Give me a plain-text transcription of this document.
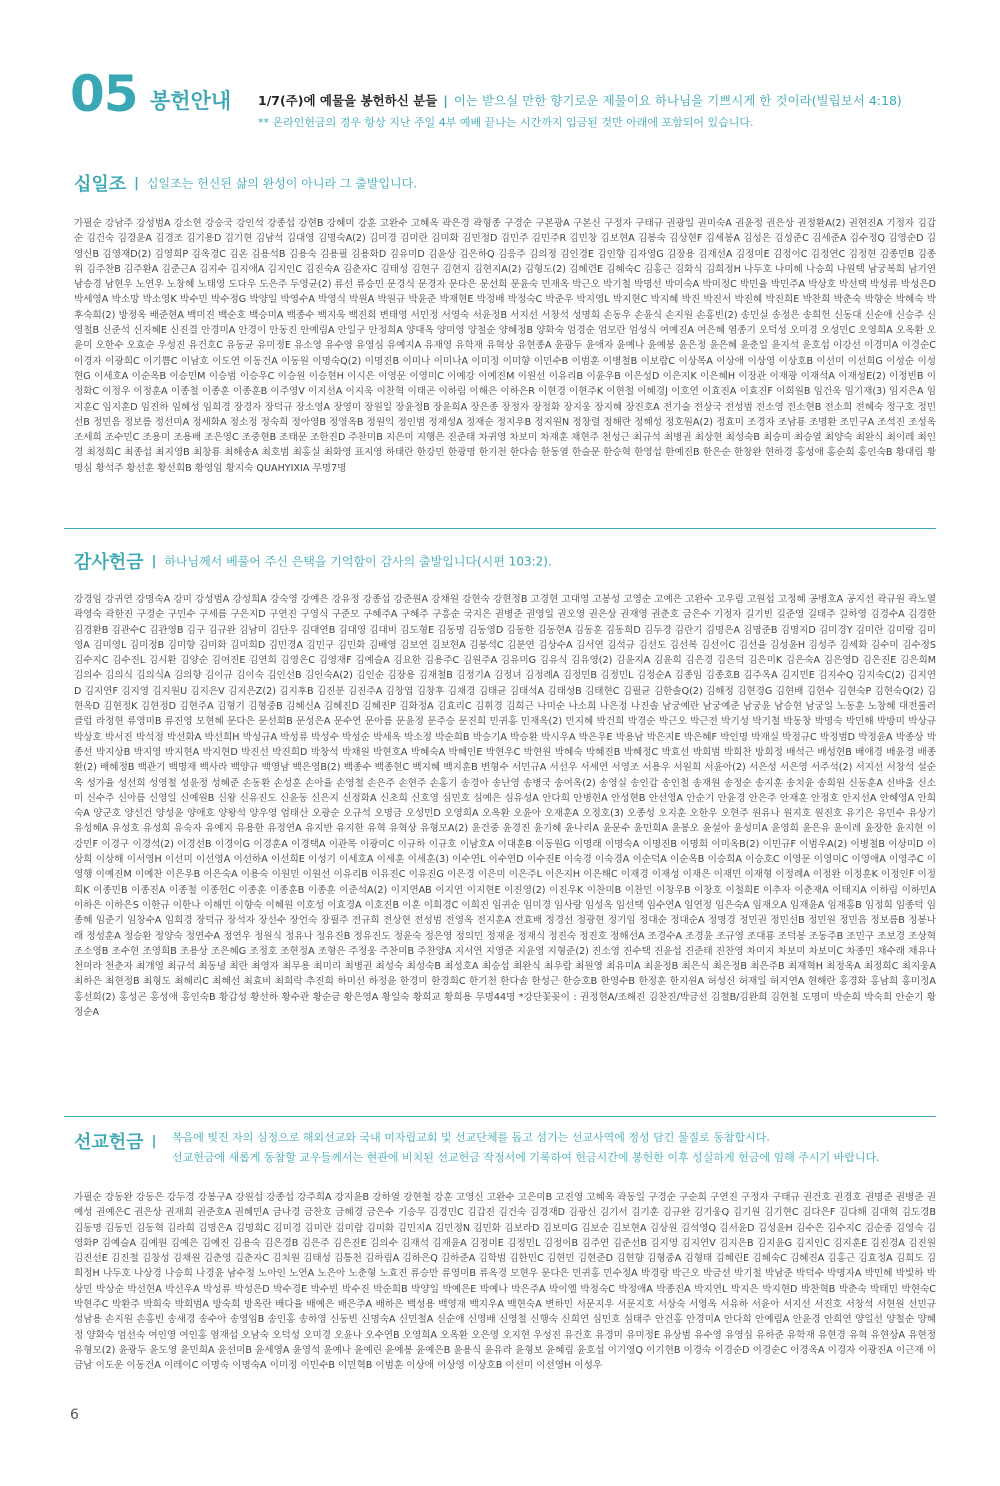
05 봉헌안내 1/7(주)에 예물을 봉헌하신 분들 | 이는 받으실 만한 향기로운 제물이요 하나님을 기쁘시게 한 것이라(빌립보서 4:18)
** 온라인헌금의 경우 항상 지난 주일 4부 예배 끝나는 시간까지 입금된 것만 아래에 포함되어 있습니다.
십일조 | 십일조는 헌신된 삶의 완성이 아니라 그 출발입니다.
가필순 강남주 강성범A 강소현 강승국 강인석 강종섭 강현B 강혜미 강훈 고완수 고혜옥 곽은경 곽형종 구경순 구본광A 구본신 구정자 구태규 권광일 권미숙A 권윤정 권은상 권정환A(2) 권현진A 기정자 김갑순 김건숙 김경윤A 김경조 김기용D 김기현 김남석 김대영 김명숙A(2) 김미경 김미란 김미화 김민정D 김민주 김민주R 김민창 김보현A 김봉숙 김상현F 김세봉A 김성은 김성준C 김세준A 김수정Q 김영순D 김영신B 김영재D(2) 김영희P 김옥경C 김온 김용석B 김용숙 김용필 김용화D 김유미D 김윤상 김은하Q 김응주 김의정 김인경E 김인향 김자영G 김장용 김재선A 김정미E 김정이C 김정연C 김정현 김종민B 김종위 김주찬B 김주환A 김준근A 김지수 김지애A 김지인C 김진숙A 김춘자C 김태성 김현구 김현지 김현지A(2) 김형도(2) 김혜련E 김혜숙C 김홍근 김화식 김희정H 나두호 나미혜 나승희 나원택 남궁복희 남기연 남승경 남현우 노연우 노창혜 노태영 도다우 도은주 두영균(2) 류선 류승민 문경식 문경자 문다은 문선희 문윤숙 민재옥 박근오 박기철 박명선 박미숙A 박미정C 박민율 박민주A 박상호 박선택 박성류 박성은D 박세영A 박소망 박소영K 박수민 박수정G 박양일 박영수A 박영식 박원A 박원규 박윤준 박재현E 박정배 박정숙C 박준우 박지영L 박지현C 박지혜 박진 박진서 박진혜 박진희E 박찬희 박춘숙 박향순 박혜숙 박후숙희(2) 방정옥 배준현A 백미진 백순호 백승미A 백종수 백지욱 백진희 변태영 서민정 서영숙 서윤정B 서지선 서창석 성명희 손동우 손윤식 손지원 손홍빈(2) 송민실 송정은 송희헌 신동대 신순애 신승주 신영철B 신준석 신지혜E 신진결 안경미A 안경이 안동진 안예림A 안일구 안정희A 양대옥 양미영 양철순 양혜정B 양화숙 엄경순 엄모란 엄성식 여예진A 여은혜 염종기 오덕성 오미경 오성민C 오영희A 오옥환 오윤미 오한수 오효순 우성진 유건호C 유동균 유미정E 유소영 유수영 유영심 유예지A 유재영 유학재 유혁상 유현종A 윤광두 윤애자 윤예나 윤예봉 윤은정 윤은혜 윤춘일 윤지석 윤호섭 이강선 이경미A 이경순C 이경자 이광희C 이기쁨C 이남호 이도연 이동건A 이동원 이명숙Q(2) 이명진B 이미나 이미나A 이미정 이미향 이민수B 이범훈 이병철B 이보람C 이상목A 이상애 이상영 이상호B 이선미 이선희G 이성순 이성현G 이세호A 이순옥B 이승민M 이승범 이승우C 이승원 이승현H 이시은 이영문 이영미C 이예강 이예진M 이원선 이유리B 이윤우B 이은성D 이은지K 이은혜H 이장관 이재광 이재석A 이재성E(2) 이정빈B 이정화C 이정우 이정훈A 이종철 이종훈 이종훈B 이주영V 이지선A 이지욱 이찬혁 이태곤 이하림 이해은 이하은R 이현경 이현주K 이현철 이혜경J 이호연 이효진A 이효진F 이희원B 임건욱 임기재(3) 임지은A 임지훈C 임지훈D 임진하 임혜성 임희경 장경자 장덕규 장소영A 장영미 장원일 장윤정B 장윤희A 장은종 장정자 장정화 장지웅 장지혜 장진호A 전기술 전상국 전성범 전소영 전소현B 전소희 전혜숙 정구호 정민선B 정민음 정보름 정선미A 정세화A 정소정 정숙희 정아영B 정영옥B 정원익 정인범 정재성A 정재순 정지우B 정지원N 정창렬 정해란 정혜성 정호원A(2) 정효미 조경자 조남룡 조명환 조민구A 조석진 조성옥 조세희 조수민C 조용미 조용배 조은영C 조중현B 조태문 조한진D 주찬미B 지은미 지행은 진준태 차귀영 차보미 차재훈 채현주 천성근 최규석 최병권 최상현 최성숙B 최승미 최승열 최양숙 최완식 최이레 최인경 최정희C 최종섭 최지영B 최창룡 최해송A 최호범 최홍실 최화영 표지영 하태란 한강민 한광명 한기천 한다솜 한동열 한슬문 한승혁 한영섭 한예진B 한은순 한창완 현하경 홍성애 홍순희 홍인숙B 황대림 황명심 황석주 황선훈 황선희B 황영임 황지숙 QUAHYIXIA 무명7명
감사헌금 | 하나님께서 베풀어 주신 은택을 기억함이 감사의 출발입니다(시편 103:2).
강경임 강귀연 강명숙A 강미 강성범A 강성희A 강숙영 강예은 강유정 강종섭 강준원A 강채원 강현숙 강현정B 고경현 고대영 고봉성 고영순 고예은 고완수 고우림 고원섭 고정혜 공병호A 공지선 곽규원 곽노열 곽영숙 곽한진 구경순 구민수 구세름 구은지D 구연진 구영식 구준모 구혜주A 구혜주 구흥순 국지은 권병준 권영일 권오영 권은상 권재영 권춘호 금은수 기정자 길기빈 길준영 길태주 길하영 김경수A 김경한 김경환B 김관수C 김관영B 김구 김규완 김남미 김단우 김대연B 김대영 김대비 김도형E 김동명 김동영D 김동한 김동현A 김동훈 김동희D 김두경 김란기 김명은A 김명준B 김명지D 김미경Y 김미란 김미랑 김미영A 김미영L 김미정B 김미향 김미화 김미희D 김민경A 김민구 김민화 김배영 김보연 김보현A 김봉석C 김분연 김상수A 김서연 김석규 김선도 김선복 김선이C 김선율 김성윤H 김성주 김세화 김수미 김수정S 김수지C 김수진L 김시환 김양순 김여진E 김연희 김영은C 김영재F 김예슬A 김요한 김용주C 김원주A 김유미G 김유식 김유영(2) 김윤지A 김윤희 김은경 김은덕 김은미K 김은숙A 김은영D 김은진E 김은희M 김의수 김의식 김의식A 김의향 김이규 김이숙 김인선B 김인숙A(2) 김인순 김장용 김재철B 김정기A 김정녀 김정례A 김정민B 김정민L 김정순A 김종임 김종호B 김주옥A 김지민E 김지수Q 김지숙C(2) 김지연D 김지연F 김지영 김지원U 김지은V 김지은Z(2) 김지후B 김진분 김진주A 김창엽 김창후 김채경 김태균 김태석A 김태성B 김태현C 김필균 김한솔Q(2) 김해정 김현경G 김현배 김현수 김현숙P 김현숙Q(2) 김현옥D 김현정K 김현정D 김현주A 김형기 김형중B 김혜신A 김혜진D 김혜진P 김화정A 김효리C 김휘경 김희근 나미순 나소희 나은정 나진솔 남궁예란 남궁예준 남궁윤 남승현 남궁일 노동훈 노창혜 대전롤러클럽 라정현 류영미B 류진영 모현혜 문다은 문선희B 문성은A 문수연 문아름 문윤정 문주승 문진희 민귀홍 민재옥(2) 민지혜 박건희 박경순 박근오 박근전 박기성 박기철 박동창 박명숙 박민해 박방미 박상규 박상호 박서진 박석정 박선화A 박선희H 박성규A 박성류 박성수 박성순 박세옥 박소정 박순희B 박승기A 박승환 박시우A 박은우E 박용남 박은지E 박은혜F 박인명 박재실 박정규C 박정범D 박정윤A 박종상 박종선 박지상B 박지영 박지현A 박지현D 박진선 박진희D 박창석 박채원 박현호A 박혜숙A 박혜인E 박현우C 박현원 박혜숙 박혜진B 박혜정C 박효선 박희범 박희찬 방희정 배석근 배성현B 배애경 배윤경 배종환(2) 배혜정B 백관기 백명재 백사라 백양규 백영남 백은영B(2) 백종수 백종현C 백지혜 백지훈B 변형수 서민규A 서선우 서세연 서영조 서용우 서원희 서윤아(2) 서은성 서은영 서주석(2) 서지선 서창석 설순옥 성가율 성선희 성영철 성윤정 성혜준 손동환 손성훈 손아율 손영철 손은주 손현주 손홍기 송경아 송난영 송병국 송여옥(2) 송영실 송인갑 송인철 송재원 송정순 송지훈 송치윤 송희원 신동훈A 신바울 신소미 신수주 신아름 신영일 신예원B 신왕 신유진도 신윤동 신은지 신정화A 신초희 신호영 심민호 심예은 심유성A 안다희 안병현A 안성현B 안선영A 안순기 안윤경 안은주 안재훈 안정호 안지선A 안혜영A 안희숙A 양군호 양선건 양성윤 양애호 양왕석 양우영 엄태산 오광순 오규석 오명금 오성민D 오영희A 오옥환 오윤아 오재훈A 오정호(3) 오종성 오지훈 오한우 오현주 원유나 원지호 원진호 유기은 유민수 유상기 유성혜A 유성호 유성희 유숙자 유예지 유용한 유정연A 유지반 유지한 유혁 유혁상 유형모A(2) 윤건중 윤경진 윤기혜 윤나리A 윤문수 윤민희A 윤봉오 윤설아 윤성미A 윤영희 윤은유 윤이레 윤장한 윤지현 이강민F 이경구 이경석(2) 이경선B 이경이G 이경훈A 이경택A 이관목 이광미C 이규하 이규호 이남호A 이대훈B 이동원G 이명래 이명숙A 이명진B 이명희 이미옥B(2) 이민규F 이범우A(2) 이병철B 이상미D 이상희 이상해 이서영H 이선미 이선영A 이선하A 이선희E 이성기 이세호A 이세훈 이세훈(3) 이수연L 이수연D 이수진E 이숙경 이숙경A 이순덕A 이순옥B 이승희A 이승호C 이영문 이영미C 이영애A 이영주C 이영행 이예진M 이예찬 이은우B 이은숙A 이용숙 이원민 이원선 이유리B 이유진C 이유진G 이은경 이은미 이은주L 이은지H 이은해C 이재경 이재성 이재은 이재민 이재형 이정례A 이정완 이정훈K 이정인F 이정희K 이종민B 이종진A 이종철 이종헌C 이종훈 이종훈B 이종훈 이준석A(2) 이지연AB 이지연 이지현E 이진영(2) 이진우K 이찬미B 이찬민 이창우B 이창호 이철희E 이추자 이춘재A 이태지A 이하림 이하민A 이하은 이하은S 이한규 이한나 이해민 이향숙 이혜원 이호성 이효경A 이호진B 이훈 이희경C 이희진 임귀순 임미경 임사랑 임성옥 임선택 임수연A 임연정 임은숙A 임재오A 임재윤A 임재홍B 임정희 임종덕 임종혜 임준기 임창수A 임희경 장덕규 장석자 장선수 장언숙 장필주 전규희 전상현 전성범 전영옥 전지훈A 전효배 정경선 정광현 정기임 정대순 정대순A 정명경 정민권 정민선B 정민원 정민음 정보름B 정봉나래 정성훈A 정승환 정양숙 정연수A 정연우 정원식 정유나 정유진B 정유진도 정윤숙 정은영 정의민 정재윤 정재식 정진숙 정진호 정해선A 조경수A 조경윤 조규영 조대룡 조덕봉 조동주B 조민구 조보경 조상혁 조소영B 조수현 조영희B 조용상 조은혜G 조정호 조현정A 조형은 주정웅 주찬미B 주찬양A 지서연 지영준 지윤영 지형준(2) 진소영 진수택 진윤섭 진준태 진찬영 차미지 차보미 차보미C 차종민 채수래 채유나 천미라 천춘자 최개영 최규석 최동녕 최란 최영자 최무용 최미리 최병권 최성숙 최성숙B 최성호A 최승섭 최완식 최우람 최원영 최유미A 최윤정B 최은식 최은정B 최은주B 최재혁H 최정옥A 최정희C 최지웅A 최하은 최현정B 최형도 최혜리C 최혜선 최효비 최희락 추진희 하미선 하정윤 한경미 한경희C 한기천 한다솜 한성근 한승호B 한영수B 한정훈 한지원A 허성신 허재일 허지연A 현해란 홍경화 홍남희 홍미정A 홍선희(2) 홍성곤 홍성애 홍인숙B 황갑성 황선하 황수관 황순금 황은영A 황일숙 황희교 황희용 무명44명 *강단꽃꽂이 : 권정현A/조해진 김찬진/박금선 김철B/김완희 김현철 도명미 박순희 박숙희 안순기 황정순A
선교헌금 |	복음에 빚진 자의 심정으로 해외선교와 국내 미자립교회 및 선교단체를 돕고 섬기는 선교사역에 정성 담긴 물질로 동참합시다.
선교헌금에 새롭게 동참할 교우들께서는 현관에 비치된 선교헌금 작정서에 기록하여 헌금시간에 봉헌한 이후 성실하게 헌금에 임해 주시기 바랍니다.
가필순 강동완 강동은 강두경 강봉구A 강원섭 강종섭 강주희A 강지윤B 강하열 강현철 강훈 고영신 고완수 고은미B 고진영 고혜옥 곽동일 구경순 구순희 구연진 구정자 구태규 권건호 권경호 권명준 권병준 권예성 권예은C 권은상 권재희 권준호A 권혜민A 금나경 금찬호 금혜경 금은수 기승무 김경민C 김갑진 김건숙 김경재D 김광신 김기서 김기훈 김규완 김기웅Q 김기원 김기현C 김다은F 김다해 김대혁 김도경B 김동명 김동민 김동혁 김라희 김명은A 김명희C 김미경 김미란 김미람 김미화 김민지A 김민정N 김민화 김보라D 김보미G 김보순 김보현A 김상원 김석영Q 김서윤D 김성윤H 김수은 김수지C 김순중 김영숙 김영화P 김예슬A 김예원 김예은 김예진 김용숙 김은경B 김은주 김은진E 김의수 김재석 김재윤A 김정미E 김정민L 김정이B 김주연 김준선B 김지영 김지연V 김지은B 김지윤G 김지인C 김지훈E 김진경A 김진원 김진선E 김진철 김창성 김채원 김춘영 김춘자C 김치원 김태성 김통천 김하림A 김하은Q 김하준A 김학범 김한민C 김현민 김현준D 김현향 김형중A 김형태 김혜린E 김혜숙C 김혜진A 김홍근 김효정A 김희도 김희정H 나두호 나상경 나승희 나경윤 남수정 노아인 노연A 노은아 노춘형 노효진 류승만 류영미B 류옥경 모현우 문다은 민귀홍 민수정A 박경랑 박근오 박금선 박기철 박남준 박덕수 박명자A 박민혜 박빛하 박상민 박상순 박선현A 박선우A 박성류 박성은D 박수경E 박수빈 박수진 박순희B 박양일 박예은E 박예나 박은주A 박이엘 박정숙C 박정애A 박종진A 박지연L 박지은 박지현D 박찬혁B 박춘숙 박태민 박현숙C 박현주C 박환주 박희숙 박희범A 방숙희 방옥란 배다율 배예은 배은주A 배하은 백성용 백영재 백지우A 백현숙A 변하민 서문지우 서문지호 서상숙 서영옥 서유하 서윤아 서지선 서진호 서창석 서현원 선민규 성남용 손지원 손홍빈 송새경 송수아 송영임B 송인홍 송하영 신동빈 신명숙A 신민철A 신순애 신영배 신영철 신행숙 신희연 심민호 심태주 안건홍 안경미A 안다희 안예림A 안윤경 안희연 양일선 양철순 양혜정 양화숙 엄선숙 여인영 여인홍 염재섭 오남숙 오덕성 오미경 오윤나 오수연B 오영희A 오옥환 오은영 오지현 우성진 유건호 유경미 유미정E 유상범 유수영 유영심 유하준 유학재 유현경 유혁 유현상A 유현정 유형모(2) 윤광두 윤도영 윤민희A 윤선미B 윤세영A 윤영석 윤예나 윤예린 윤예봉 윤예은B 윤용식 윤유라 윤형보 윤혜림 윤호섭 이기영Q 이기현B 이경숙 이경순D 이경순C 이경옥A 이경자 이광진A 이근재 이금남 이도운 이동건A 이레이C 이명숙 이명숙A 이미정 이민수B 이민혁B 이범훈 이상애 이상영 이상호B 이선미 이선영H 이성우
6
